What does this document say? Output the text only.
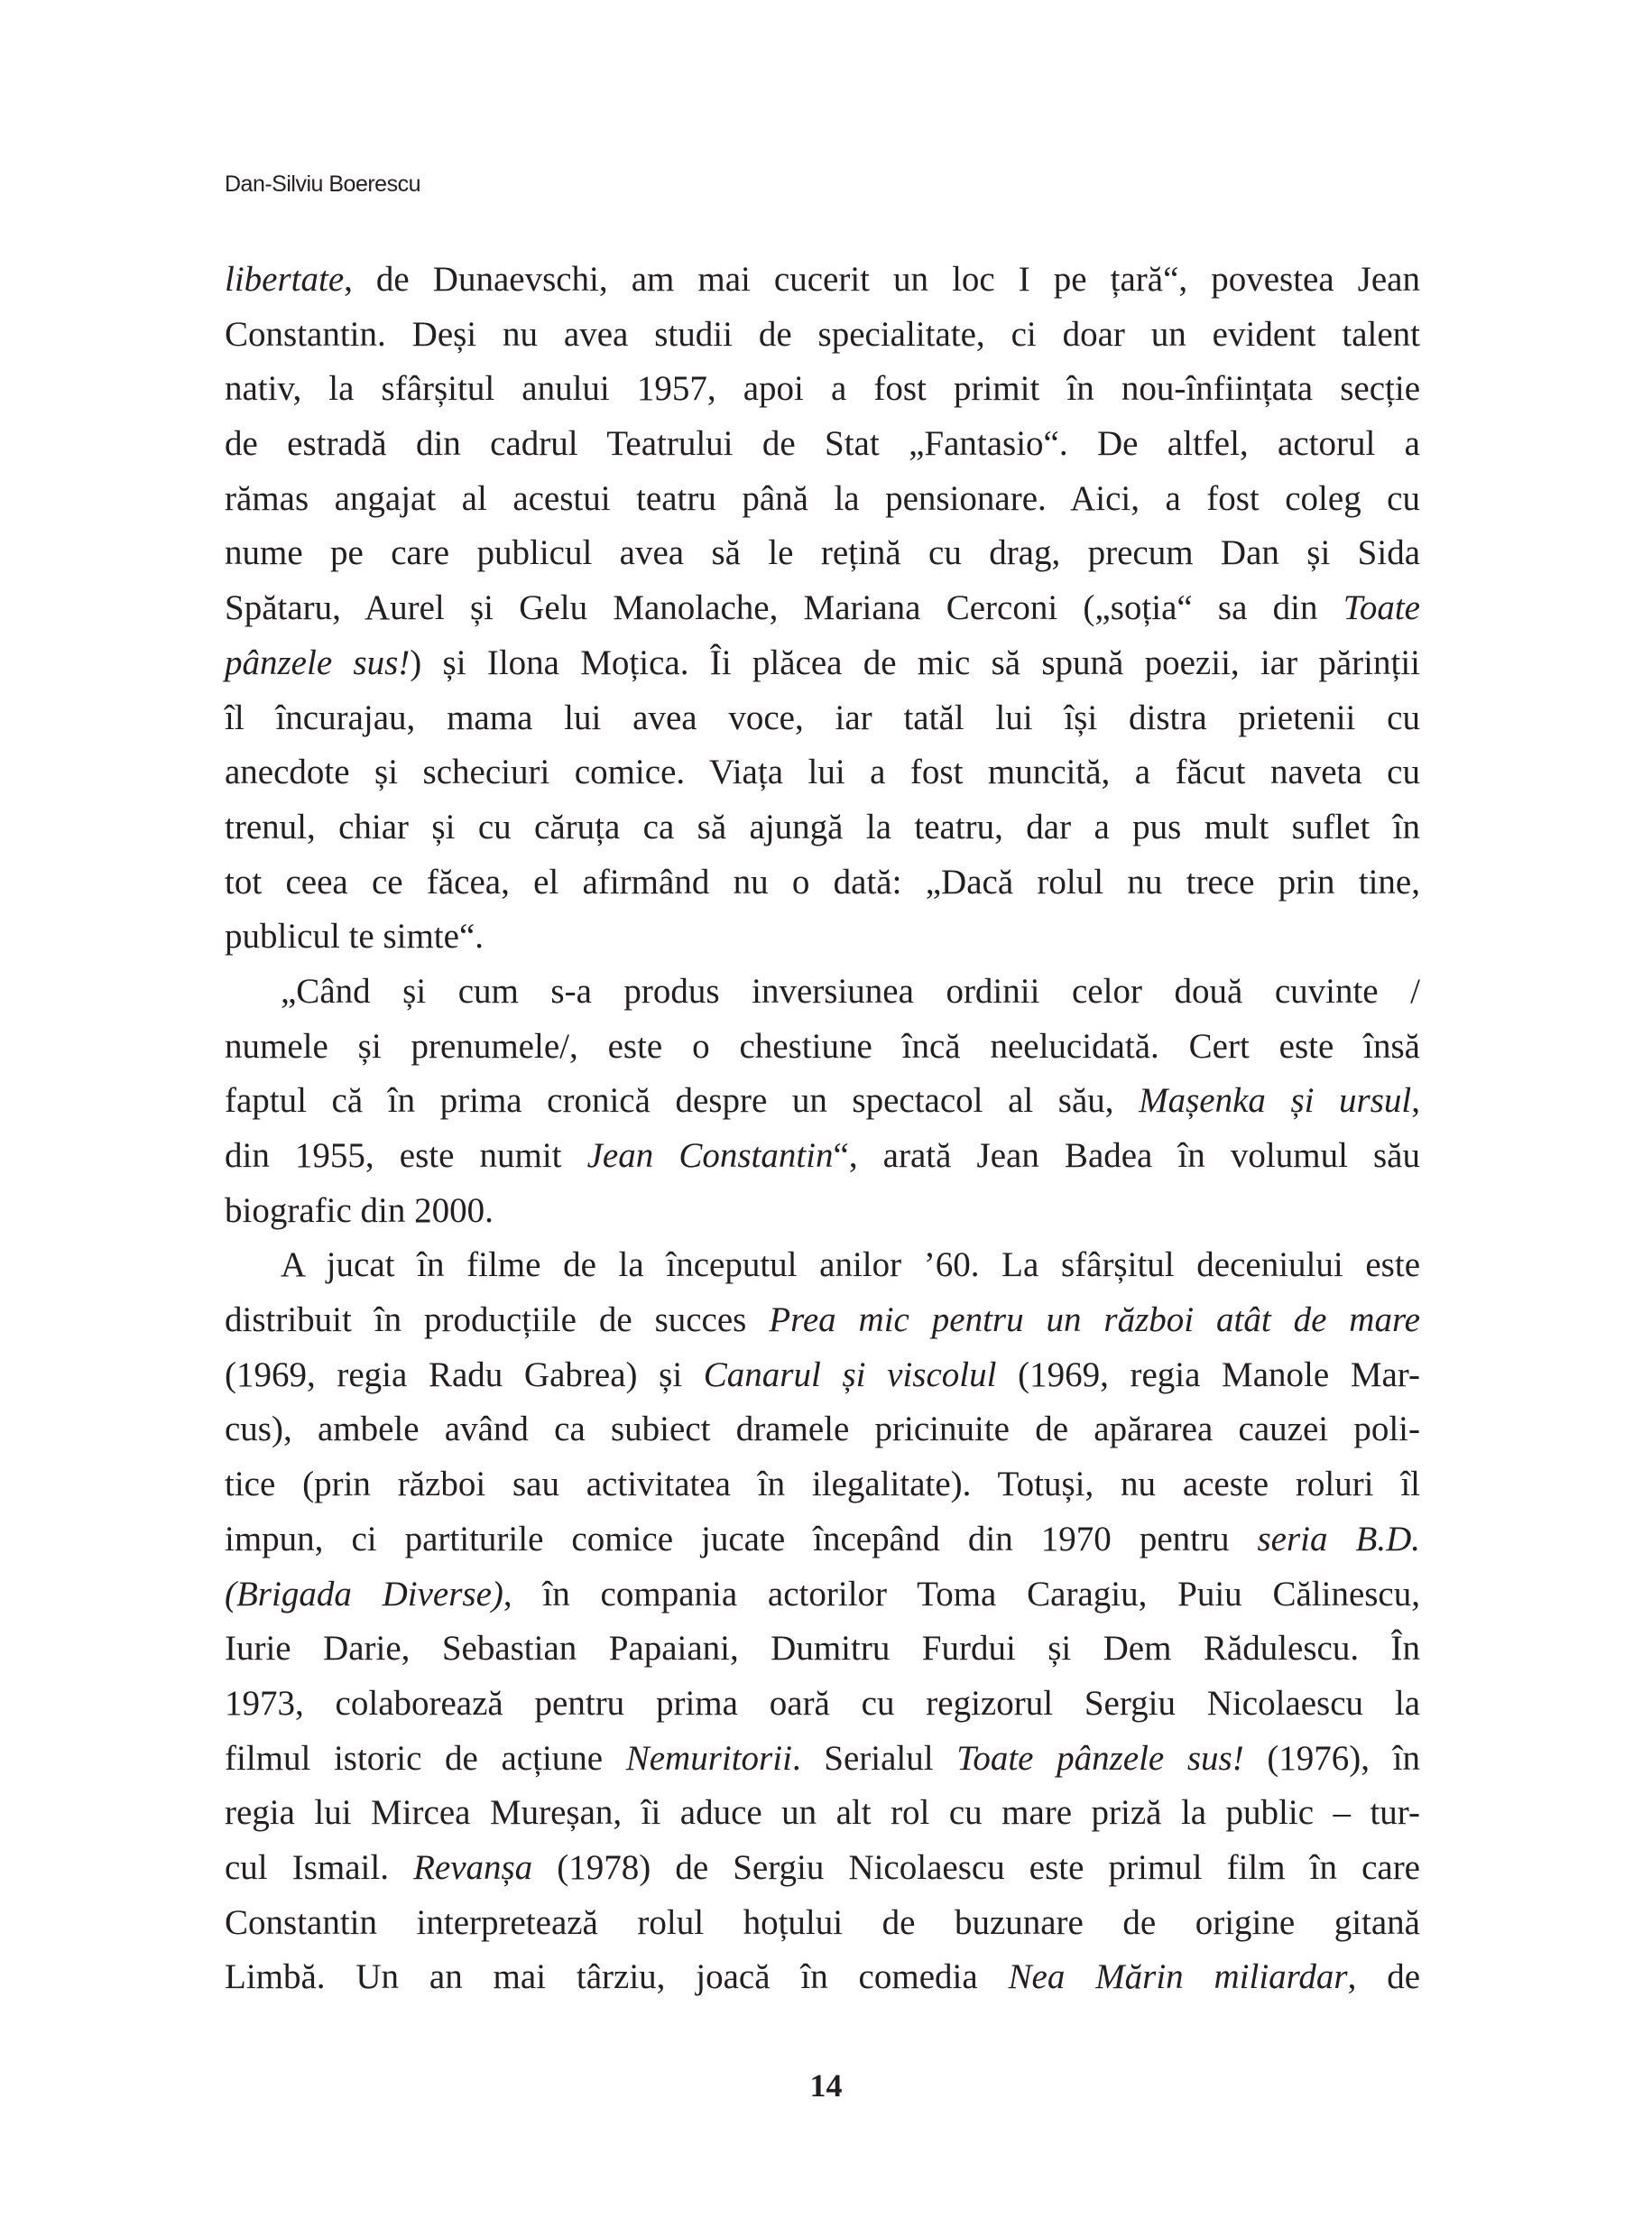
Dan-Silviu Boerescu
libertate, de Dunaevschi, am mai cucerit un loc I pe țară“, povestea Jean
Constantin. Deși nu avea studii de specialitate, ci doar un evident talent
nativ, la sfârșitul anului 1957, apoi a fost primit în nou-înființata secție
de estradă din cadrul Teatrului de Stat „Fantasio“. De altfel, actorul a
rămas angajat al acestui teatru până la pensionare. Aici, a fost coleg cu
nume pe care publicul avea să le rețină cu drag, precum Dan și Sida
Spătaru, Aurel și Gelu Manolache, Mariana Cerconi („soția“ sa din Toate
pânzele sus!) și Ilona Moțica. Îi plăcea de mic să spună poezii, iar părinții
îl încurajau, mama lui avea voce, iar tatăl lui își distra prietenii cu
anecdote și scheciuri comice. Viața lui a fost muncită, a făcut naveta cu
trenul, chiar și cu căruța ca să ajungă la teatru, dar a pus mult suflet în
tot ceea ce făcea, el afirmând nu o dată: „Dacă rolul nu trece prin tine,
publicul te simte“.
„Când și cum s-a produs inversiunea ordinii celor două cuvinte /
numele și prenumele/, este o chestiune încă neelucidată. Cert este însă
faptul că în prima cronică despre un spectacol al său, Mașenka și ursul,
din 1955, este numit Jean Constantin“, arată Jean Badea în volumul său
biografic din 2000.
A jucat în filme de la începutul anilor ’60. La sfârșitul deceniului este
distribuit în producțiile de succes Prea mic pentru un război atât de mare
(1969, regia Radu Gabrea) și Canarul și viscolul (1969, regia Manole Mar-
cus), ambele având ca subiect dramele pricinuite de apărarea cauzei poli-
tice (prin război sau activitatea în ilegalitate). Totuși, nu aceste roluri îl
impun, ci partiturile comice jucate începând din 1970 pentru seria B.D.
(Brigada Diverse), în compania actorilor Toma Caragiu, Puiu Călinescu,
Iurie Darie, Sebastian Papaiani, Dumitru Furdui și Dem Rădulescu. În
1973, colaborează pentru prima oară cu regizorul Sergiu Nicolaescu la
filmul istoric de acțiune Nemuritorii. Serialul Toate pânzele sus! (1976), în
regia lui Mircea Mureșan, îi aduce un alt rol cu mare priză la public – tur-
cul Ismail. Revanșa (1978) de Sergiu Nicolaescu este primul film în care
Constantin interpretează rolul hoțului de buzunare de origine gitană
Limbă. Un an mai târziu, joacă în comedia Nea Mărin miliardar, de
14
